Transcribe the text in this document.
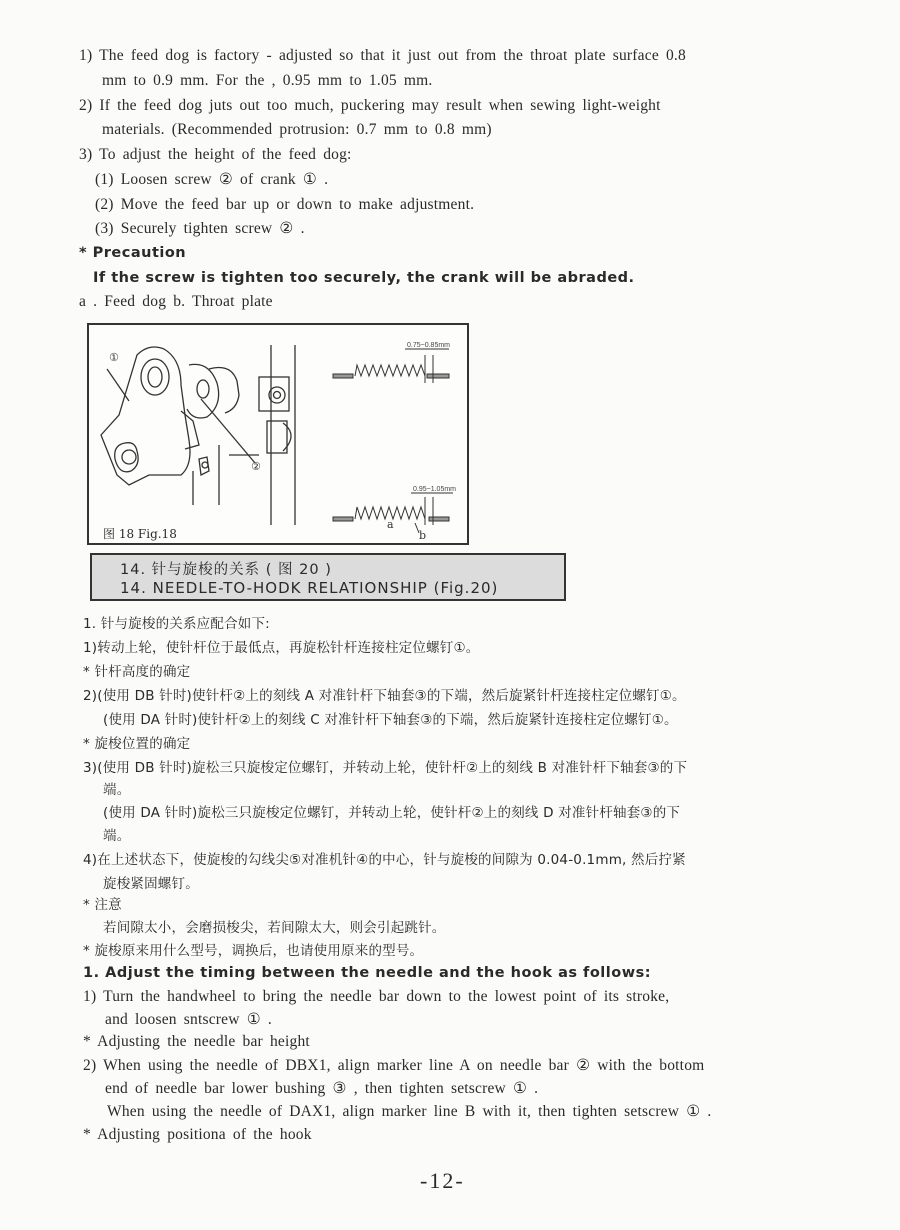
1) The feed dog is factory - adjusted so that it just out from the throat plate surface 0.8
mm to 0.9 mm. For the , 0.95 mm to 1.05 mm.
2) If the feed dog juts out too much, puckering may result when sewing light-weight
materials. (Recommended protrusion: 0.7 mm to 0.8 mm)
3) To adjust the height of the feed dog:
(1) Loosen screw ② of crank ① .
(2) Move the feed bar up or down to make adjustment.
(3) Securely tighten screw ② .
* Precaution
If the screw is tighten too securely, the crank will be abraded.
a . Feed dog b. Throat plate
①
②
0.75~0.85mm
0.95~1.05mm
a
b
图 18 Fig.18
14. 针与旋梭的关系 ( 图 20 )
14. NEEDLE-TO-HODK RELATIONSHIP (Fig.20)
1. 针与旋梭的关系应配合如下:
1)转动上轮，使针杆位于最低点，再旋松针杆连接柱定位螺钉①。
* 针杆高度的确定
2)(使用 DB 针时)使针杆②上的刻线 A 对准针杆下轴套③的下端，然后旋紧针杆连接柱定位螺钉①。
(使用 DA 针时)使针杆②上的刻线 C 对准针杆下轴套③的下端，然后旋紧针连接柱定位螺钉①。
* 旋梭位置的确定
3)(使用 DB 针时)旋松三只旋梭定位螺钉，并转动上轮，使针杆②上的刻线 B 对准针杆下轴套③的下
端。
(使用 DA 针时)旋松三只旋梭定位螺钉，并转动上轮，使针杆②上的刻线 D 对准针杆轴套③的下
端。
4)在上述状态下，使旋梭的勾线尖⑤对准机针④的中心，针与旋梭的间隙为 0.04-0.1mm, 然后拧紧
旋梭紧固螺钉。
* 注意
若间隙太小，会磨损梭尖，若间隙太大，则会引起跳针。
* 旋梭原来用什么型号，调换后，也请使用原来的型号。
1. Adjust the timing between the needle and the hook as follows:
1) Turn the handwheel to bring the needle bar down to the lowest point of its stroke,
and loosen sntscrew ① .
* Adjusting the needle bar height
2) When using the needle of DBX1, align marker line A on needle bar ② with the bottom
end of needle bar lower bushing ③ , then tighten setscrew ① .
When using the needle of DAX1, align marker line B with it, then tighten setscrew ① .
* Adjusting positiona of the hook
-12-
